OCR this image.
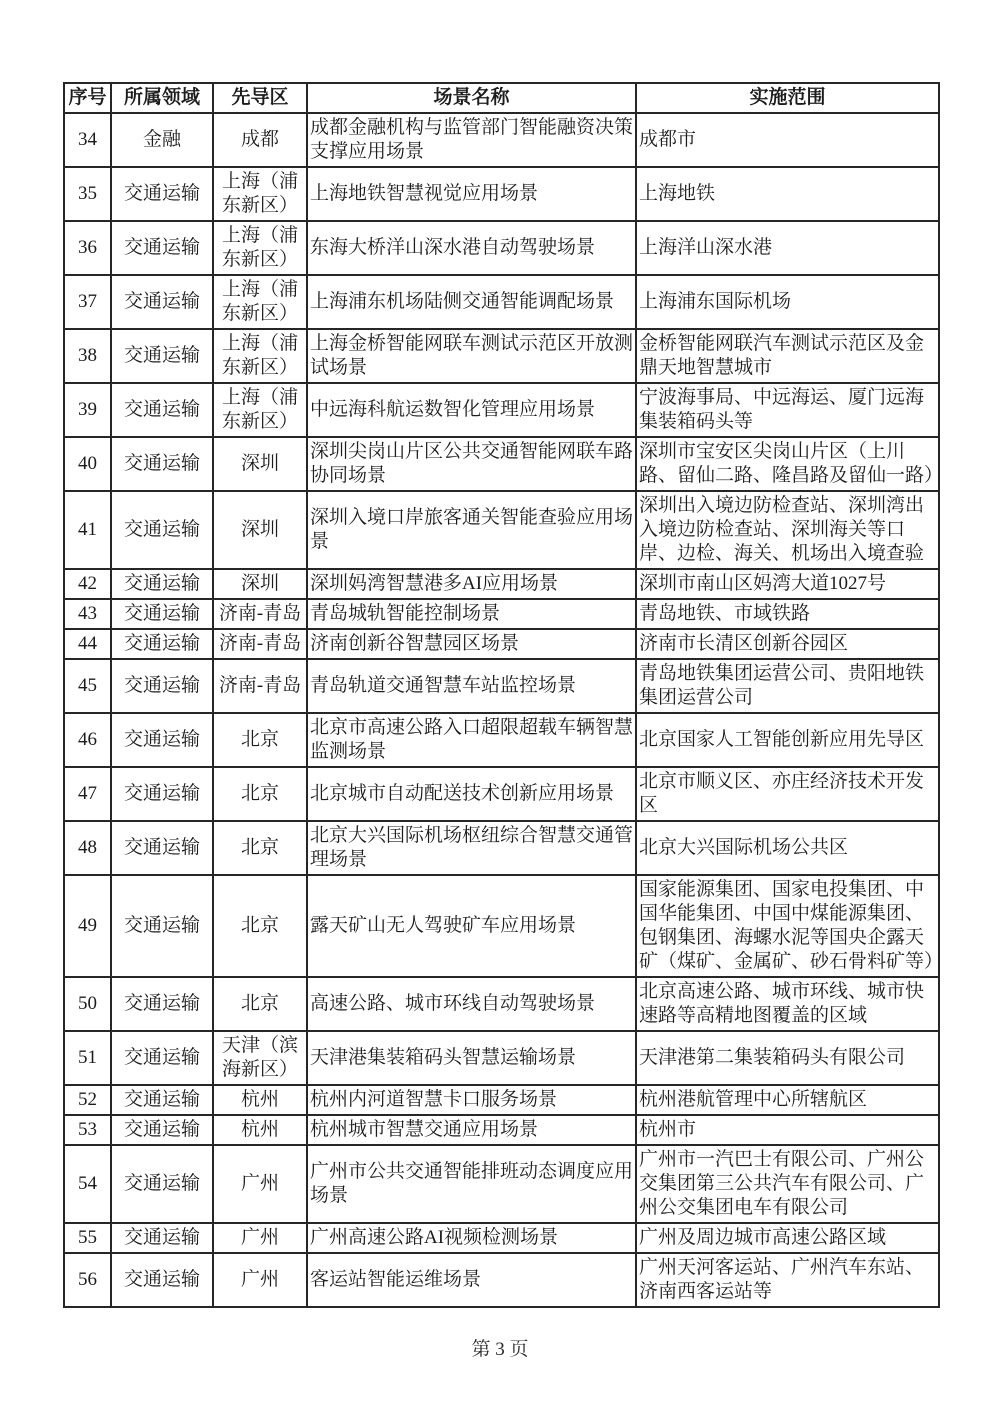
序号	所属领域	先导区	场景名称	实施范围
34	金融	成都	成都金融机构与监管部门智能融资决策支撑应用场景	成都市
35	交通运输	上海（浦东新区）	上海地铁智慧视觉应用场景	上海地铁
36	交通运输	上海（浦东新区）	东海大桥洋山深水港自动驾驶场景	上海洋山深水港
37	交通运输	上海（浦东新区）	上海浦东机场陆侧交通智能调配场景	上海浦东国际机场
38	交通运输	上海（浦东新区）	上海金桥智能网联车测试示范区开放测试场景	金桥智能网联汽车测试示范区及金鼎天地智慧城市
39	交通运输	上海（浦东新区）	中远海科航运数智化管理应用场景	宁波海事局、中远海运、厦门远海集装箱码头等
40	交通运输	深圳	深圳尖岗山片区公共交通智能网联车路协同场景	深圳市宝安区尖岗山片区（上川路、留仙二路、隆昌路及留仙一路）
41	交通运输	深圳	深圳入境口岸旅客通关智能查验应用场景	深圳出入境边防检查站、深圳湾出入境边防检查站、深圳海关等口岸、边检、海关、机场出入境查验
42	交通运输	深圳	深圳妈湾智慧港多AI应用场景	深圳市南山区妈湾大道1027号
43	交通运输	济南-青岛	青岛城轨智能控制场景	青岛地铁、市域铁路
44	交通运输	济南-青岛	济南创新谷智慧园区场景	济南市长清区创新谷园区
45	交通运输	济南-青岛	青岛轨道交通智慧车站监控场景	青岛地铁集团运营公司、贵阳地铁集团运营公司
46	交通运输	北京	北京市高速公路入口超限超载车辆智慧监测场景	北京国家人工智能创新应用先导区
47	交通运输	北京	北京城市自动配送技术创新应用场景	北京市顺义区、亦庄经济技术开发区
48	交通运输	北京	北京大兴国际机场枢纽综合智慧交通管理场景	北京大兴国际机场公共区
49	交通运输	北京	露天矿山无人驾驶矿车应用场景	国家能源集团、国家电投集团、中国华能集团、中国中煤能源集团、包钢集团、海螺水泥等国央企露天矿（煤矿、金属矿、砂石骨料矿等）
50	交通运输	北京	高速公路、城市环线自动驾驶场景	北京高速公路、城市环线、城市快速路等高精地图覆盖的区域
51	交通运输	天津（滨海新区）	天津港集装箱码头智慧运输场景	天津港第二集装箱码头有限公司
52	交通运输	杭州	杭州内河道智慧卡口服务场景	杭州港航管理中心所辖航区
53	交通运输	杭州	杭州城市智慧交通应用场景	杭州市
54	交通运输	广州	广州市公共交通智能排班动态调度应用场景	广州市一汽巴士有限公司、广州公交集团第三公共汽车有限公司、广州公交集团电车有限公司
55	交通运输	广州	广州高速公路AI视频检测场景	广州及周边城市高速公路区域
56	交通运输	广州	客运站智能运维场景	广州天河客运站、广州汽车东站、济南西客运站等
第 3 页
